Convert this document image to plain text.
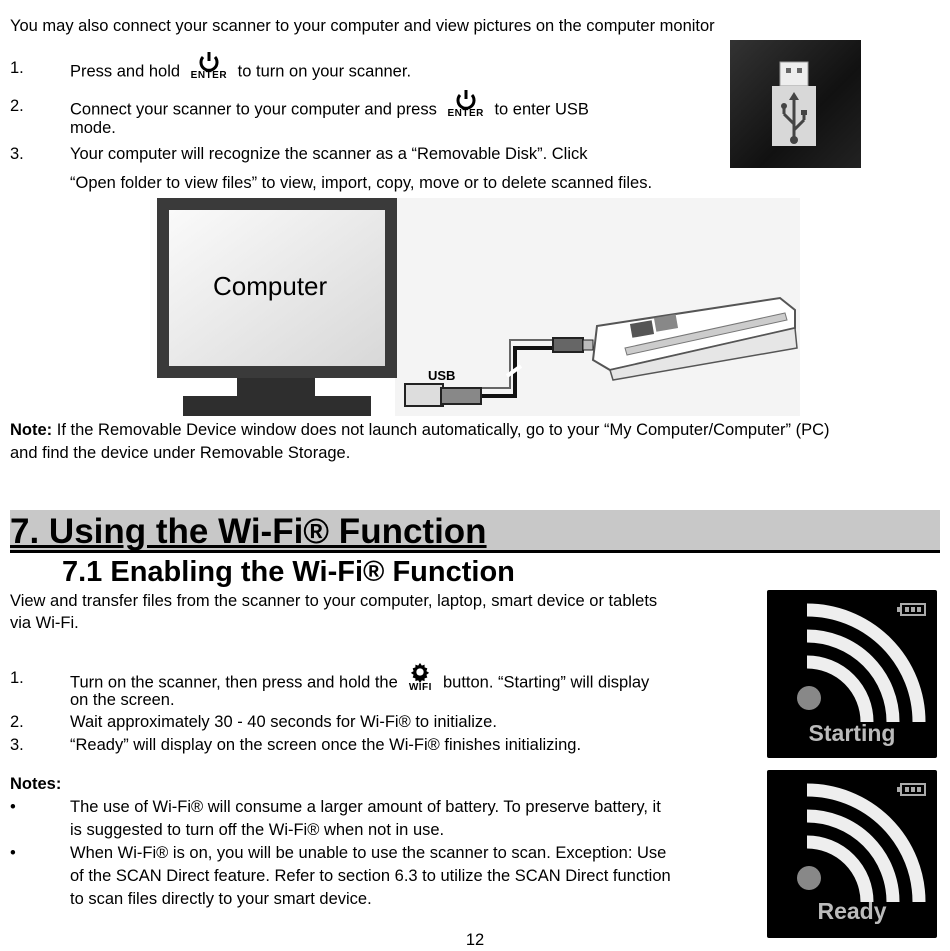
You may also connect your scanner to your computer and view pictures on the computer monitor
1.	Press and hold ENTER to turn on your scanner.
2.	Connect your scanner to your computer and press ENTER to enter USB
mode.
3.	Your computer will recognize the scanner as a “Removable Disk”. Click
“Open folder to view files” to view, import, copy, move or to delete scanned files.
Computer
USB
Note: If the Removable Device window does not launch automatically, go to your “My Computer/Computer” (PC)
and find the device under Removable Storage.
7. Using the Wi-Fi® Function
7.1 Enabling the Wi-Fi® Function
View and transfer files from the scanner to your computer, laptop, smart device or tablets
via Wi-Fi.
1.	Turn on the scanner, then press and hold the WIFI button. “Starting” will display
on the screen.
2.	Wait approximately 30 - 40 seconds for Wi-Fi® to initialize.
3.	“Ready” will display on the screen once the Wi-Fi® finishes initializing.
Notes:
•	The use of Wi-Fi® will consume a larger amount of battery. To preserve battery, it
is suggested to turn off the Wi-Fi® when not in use.
•	When Wi-Fi® is on, you will be unable to use the scanner to scan. Exception: Use
of the SCAN Direct feature. Refer to section 6.3 to utilize the SCAN Direct function
to scan files directly to your smart device.
Starting
Ready
12
